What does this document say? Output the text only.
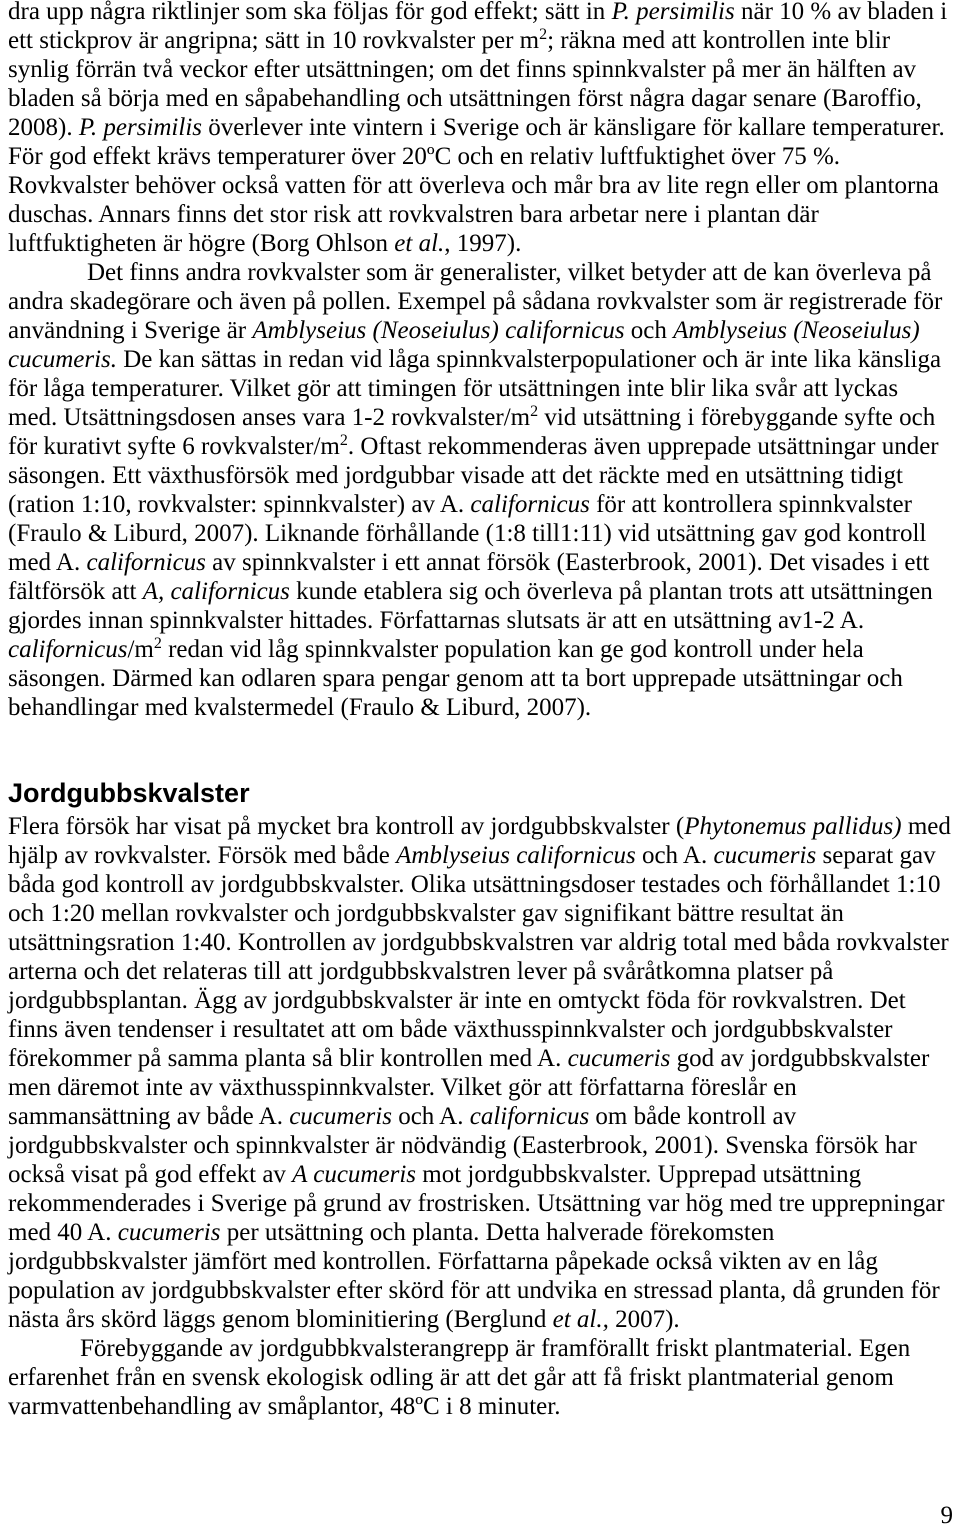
dra upp några riktlinjer som ska följas för god effekt; sätt in P. persimilis när 10 % av bladen i
ett stickprov är angripna; sätt in 10 rovkvalster per $m^2$; räkna med att kontrollen inte blir
synlig förrän två veckor efter utsättningen; om det finns spinnkvalster på mer än hälften av
bladen så börja med en såpabehandling och utsättningen först några dagar senare (Baroffio,
2008). P. persimilis överlever inte vintern i Sverige och är känsligare för kallare temperaturer.
För god effekt krävs temperaturer över 20ºC och en relativ luftfuktighet över 75 %.
Rovkvalster behöver också vatten för att överleva och mår bra av lite regn eller om plantorna
duschas. Annars finns det stor risk att rovkvalstren bara arbetar nere i plantan där
luftfuktigheten är högre (Borg Ohlson et al., 1997).
Det finns andra rovkvalster som är generalister, vilket betyder att de kan överleva på
andra skadegörare och även på pollen. Exempel på sådana rovkvalster som är registrerade för
användning i Sverige är Amblyseius (Neoseiulus) californicus och Amblyseius (Neoseiulus)
cucumeris. De kan sättas in redan vid låga spinnkvalsterpopulationer och är inte lika känsliga
för låga temperaturer. Vilket gör att timingen för utsättningen inte blir lika svår att lyckas
med. Utsättningsdosen anses vara 1-2 rovkvalster/$m^2$ vid utsättning i förebyggande syfte och
för kurativt syfte 6 rovkvalster/$m^2$. Oftast rekommenderas även upprepade utsättningar under
säsongen. Ett växthusförsök med jordgubbar visade att det räckte med en utsättning tidigt
(ration 1:10, rovkvalster: spinnkvalster) av A. californicus för att kontrollera spinnkvalster
(Fraulo & Liburd, 2007). Liknande förhållande (1:8 till1:11) vid utsättning gav god kontroll
med A. californicus av spinnkvalster i ett annat försök (Easterbrook, 2001). Det visades i ett
fältförsök att A, californicus kunde etablera sig och överleva på plantan trots att utsättningen
gjordes innan spinnkvalster hittades. Författarnas slutsats är att en utsättning av1-2 A.
californicus/$m^2$ redan vid låg spinnkvalster population kan ge god kontroll under hela
säsongen. Därmed kan odlaren spara pengar genom att ta bort upprepade utsättningar och
behandlingar med kvalstermedel (Fraulo & Liburd, 2007).
Jordgubbskvalster
Flera försök har visat på mycket bra kontroll av jordgubbskvalster (Phytonemus pallidus) med
hjälp av rovkvalster. Försök med både Amblyseius californicus och A. cucumeris separat gav
båda god kontroll av jordgubbskvalster. Olika utsättningsdoser testades och förhållandet 1:10
och 1:20 mellan rovkvalster och jordgubbskvalster gav signifikant bättre resultat än
utsättningsration 1:40. Kontrollen av jordgubbskvalstren var aldrig total med båda rovkvalster
arterna och det relateras till att jordgubbskvalstren lever på svåråtkomna platser på
jordgubbsplantan. Ägg av jordgubbskvalster är inte en omtyckt föda för rovkvalstren. Det
finns även tendenser i resultatet att om både växthusspinnkvalster och jordgubbskvalster
förekommer på samma planta så blir kontrollen med A. cucumeris god av jordgubbskvalster
men däremot inte av växthusspinnkvalster. Vilket gör att författarna föreslår en
sammansättning av både A. cucumeris och A. californicus om både kontroll av
jordgubbskvalster och spinnkvalster är nödvändig (Easterbrook, 2001). Svenska försök har
också visat på god effekt av A cucumeris mot jordgubbskvalster. Upprepad utsättning
rekommenderades i Sverige på grund av frostrisken. Utsättning var hög med tre upprepningar
med 40 A. cucumeris per utsättning och planta. Detta halverade förekomsten
jordgubbskvalster jämfört med kontrollen. Författarna påpekade också vikten av en låg
population av jordgubbskvalster efter skörd för att undvika en stressad planta, då grunden för
nästa års skörd läggs genom blominitiering (Berglund et al., 2007).
Förebyggande av jordgubbkvalsterangrepp är framförallt friskt plantmaterial. Egen
erfarenhet från en svensk ekologisk odling är att det går att få friskt plantmaterial genom
varmvattenbehandling av småplantor, 48ºC i 8 minuter.
9
